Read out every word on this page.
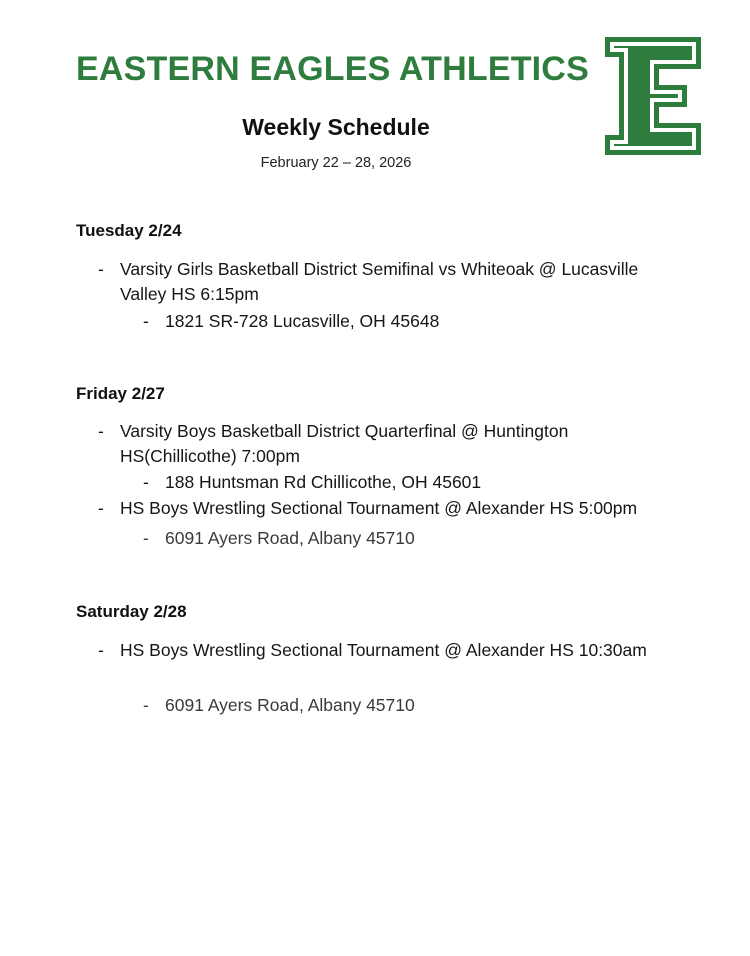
EASTERN EAGLES ATHLETICS
Weekly Schedule
February 22 – 28, 2026
Tuesday 2/24
- Varsity Girls Basketball District Semifinal vs Whiteoak @ Lucasville Valley HS 6:15pm
- 1821 SR-728 Lucasville, OH 45648
Friday 2/27
- Varsity Boys Basketball District Quarterfinal @ Huntington HS(Chillicothe) 7:00pm
- 188 Huntsman Rd Chillicothe, OH 45601
- HS Boys Wrestling Sectional Tournament @ Alexander HS 5:00pm
- 6091 Ayers Road, Albany 45710
Saturday 2/28
- HS Boys Wrestling Sectional Tournament @ Alexander HS 10:30am
- 6091 Ayers Road, Albany 45710
